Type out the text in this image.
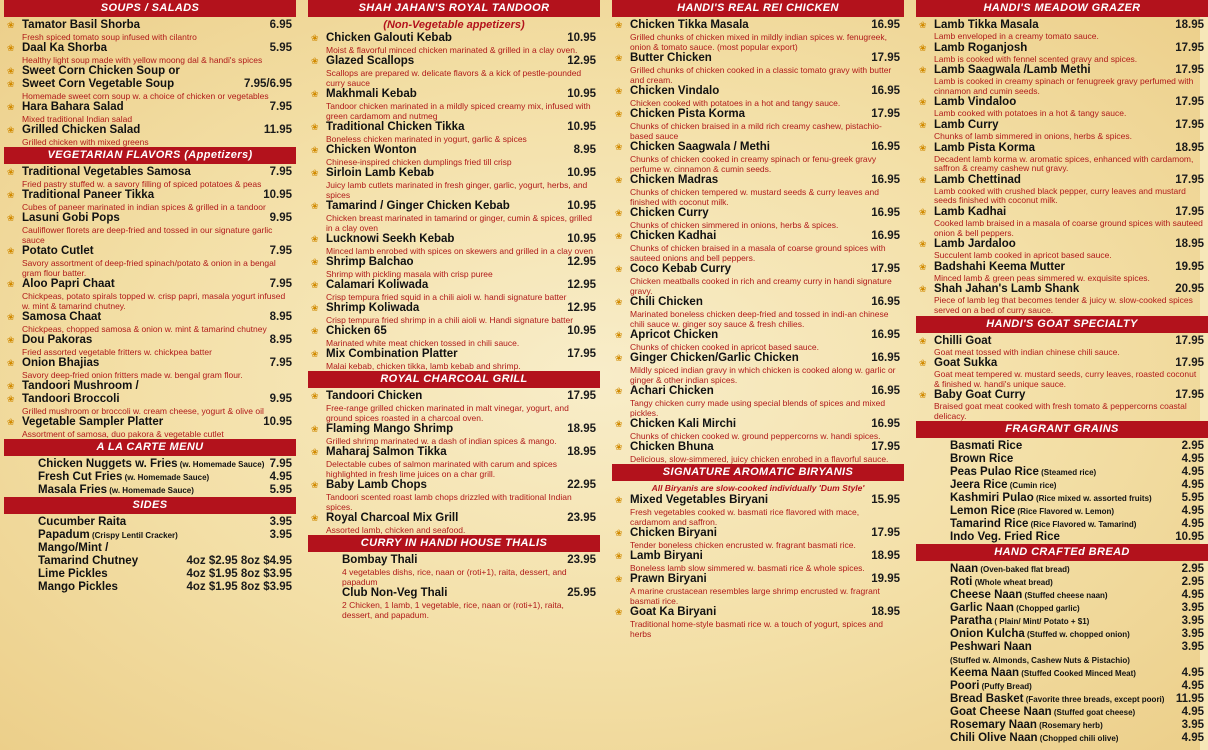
SOUPS / SALADS
❀ Tamator Basil Shorba	6.95
Fresh spiced tomato soup infused with cilantro
❀ Daal Ka Shorba	5.95
Healthy light soup made with yellow moong dal & handi's spices
❀ Sweet Corn Chicken Soup or
❀ Sweet Corn Vegetable Soup	7.95/6.95
Homemade sweet corn soup w. a choice of chicken or vegetables
❀ Hara Bahara Salad	7.95
Mixed traditional Indian salad
❀ Grilled Chicken Salad	11.95
Grilled chicken with mixed greens
VEGETARIAN FLAVORS (Appetizers)
❀ Traditional Vegetables Samosa	7.95
Fried pastry stuffed w. a savory filling of spiced potatoes & peas
❀ Traditional Paneer Tikka	10.95
Cubes of paneer marinated in indian spices & grilled in a tandoor
❀ Lasuni Gobi Pops	9.95
Cauliflower florets are deep-fried and tossed in our signature garlic sauce
❀ Potato Cutlet	7.95
Savory assortment of deep-fried spinach/potato & onion in a bengal gram flour batter.
❀ Aloo Papri Chaat	7.95
Chickpeas, potato spirals topped w. crisp papri, masala yogurt infused w. mint & tamarind chutney.
❀ Samosa Chaat	8.95
Chickpeas, chopped samosa & onion w. mint & tamarind chutney
❀ Dou Pakoras	8.95
Fried assorted vegetable fritters w. chickpea batter
❀ Onion Bhajias	7.95
Savory deep-fried onion fritters made w. bengal gram flour.
❀ Tandoori Mushroom /
❀ Tandoori Broccoli	9.95
Grilled mushroom or broccoli w. cream cheese, yogurt & olive oil
❀ Vegetable Sampler Platter	10.95
Assortment of samosa, duo pakora & vegetable cutlet
A LA CARTE MENU
Chicken Nuggets w. Fries (w. Homemade Sauce) 7.95
Fresh Cut Fries (w. Homemade Sauce)	4.95
Masala Fries (w. Homemade Sauce)	5.95
SIDES
Cucumber Raita	3.95
Papadum (Crispy Lentil Cracker)	3.95
Mango/Mint /
Tamarind Chutney	4oz $2.95 8oz $4.95
Lime Pickles	4oz $1.95 8oz $3.95
Mango Pickles	4oz $1.95 8oz $3.95
SHAH JAHAN'S ROYAL TANDOOR
(Non-Vegetable appetizers)
❀ Chicken Galouti Kebab	10.95
Moist & flavorful minced chicken marinated & grilled in a clay oven.
❀ Glazed Scallops	12.95
Scallops are prepared w. delicate flavors & a kick of pestle-pounded curry sauce
❀ Makhmali Kebab	10.95
Tandoor chicken marinated in a mildly spiced creamy mix, infused with green cardamom and nutmeg
❀ Traditional Chicken Tikka	10.95
Boneless chicken marinated in yogurt, garlic & spices
❀ Chicken Wonton	8.95
Chinese-inspired chicken dumplings fried till crisp
❀ Sirloin Lamb Kebab	10.95
Juicy lamb cutlets marinated in fresh ginger, garlic, yogurt, herbs, and spices
❀ Tamarind / Ginger Chicken Kebab	10.95
Chicken breast marinated in tamarind or ginger, cumin & spices, grilled in a clay oven
❀ Lucknowi Seekh Kebab	10.95
Minced lamb enrobed with spices on skewers and grilled in a clay oven
❀ Shrimp Balchao	12.95
Shrimp with pickling masala with crisp puree
❀ Calamari Koliwada	12.95
Crisp tempura fried squid in a chili aioli w. handi signature batter
❀ Shrimp Koliwada	12.95
Crisp tempura fried shrimp in a chili aioli w. Handi signature batter
❀ Chicken 65	10.95
Marinated white meat chicken tossed in chili sauce.
❀ Mix Combination Platter	17.95
Malai kebab, chicken tikka, lamb kebab and shrimp.
ROYAL CHARCOAL GRILL
❀ Tandoori Chicken	17.95
Free-range grilled chicken marinated in malt vinegar, yogurt, and ground spices roasted in a charcoal oven.
❀ Flaming Mango Shrimp	18.95
Grilled shrimp marinated w. a dash of indian spices & mango.
❀ Maharaj Salmon Tikka	18.95
Delectable cubes of salmon marinated with carum and spices highlighted in fresh lime juices on a char grill.
❀ Baby Lamb Chops	22.95
Tandoori scented roast lamb chops drizzled with traditional Indian spices.
❀ Royal Charcoal Mix Grill	23.95
Assorted lamb, chicken and seafood.
CURRY IN HANDI HOUSE THALIS
Bombay Thali	23.95
4 vegetables dishs, rice, naan or (roti+1), raita, dessert, and papadum
Club Non-Veg Thali	25.95
2 Chicken, 1 lamb, 1 vegetable, rice, naan or (roti+1), raita, dessert, and papadum.
HANDI'S REAL REI CHICKEN
❀ Chicken Tikka Masala	16.95
Grilled chunks of chicken mixed in mildly indian spices w. fenugreek, onion & tomato sauce. (most popular export)
❀ Butter Chicken	17.95
Grilled chunks of chicken cooked in a classic tomato gravy with butter and cream.
❀ Chicken Vindalo	16.95
Chicken cooked with potatoes in a hot and tangy sauce.
❀ Chicken Pista Korma	17.95
Chunks of chicken braised in a mild rich creamy cashew, pistachio-based sauce
❀ Chicken Saagwala / Methi	16.95
Chunks of chicken cooked in creamy spinach or fenu-greek gravy perfume w. cinnamon & cumin seeds.
❀ Chicken Madras	16.95
Chunks of chicken tempered w. mustard seeds & curry leaves and finished with coconut milk.
❀ Chicken Curry	16.95
Chunks of chicken simmered in onions, herbs & spices.
❀ Chicken Kadhai	16.95
Chunks of chicken braised in a masala of coarse ground spices with sauteed onions and bell peppers.
❀ Coco Kebab Curry	17.95
Chicken meatballs cooked in rich and creamy curry in handi signature gravy.
❀ Chili Chicken	16.95
Marinated boneless chicken deep-fried and tossed in indi-an chinese chili sauce w. ginger soy sauce & fresh chilies.
❀ Apricot Chicken	16.95
Chunks of chicken cooked in apricot based sauce.
❀ Ginger Chicken/Garlic Chicken	16.95
Mildly spiced indian gravy in which chicken is cooked along w. garlic or ginger & other indian spices.
❀ Achari Chicken	16.95
Tangy chicken curry made using special blends of spices and mixed pickles.
❀ Chicken Kali Mirchi	16.95
Chunks of chicken cooked w. ground peppercorns w. handi spices.
❀ Chicken Bhuna	17.95
Delicious, slow-simmered, juicy chicken enrobed in a flavorful sauce.
SIGNATURE AROMATIC BIRYANIS
All Biryanis are slow-cooked individually 'Dum Style'
❀ Mixed Vegetables Biryani	15.95
Fresh vegetables cooked w. basmati rice flavored with mace, cardamom and saffron.
❀ Chicken Biryani	17.95
Tender boneless chicken encrusted w. fragrant basmati rice.
❀ Lamb Biryani	18.95
Boneless lamb slow simmered w. basmati rice & whole spices.
❀ Prawn Biryani	19.95
A marine crustacean resembles large shrimp encrusted w. fragrant basmati rice.
❀ Goat Ka Biryani	18.95
Traditional home-style basmati rice w. a touch of yogurt, spices and herbs
HANDI'S MEADOW GRAZER
❀ Lamb Tikka Masala	18.95
Lamb enveloped in a creamy tomato sauce.
❀ Lamb Roganjosh	17.95
Lamb is cooked with fennel scented gravy and spices.
❀ Lamb Saagwala /Lamb Methi	17.95
Lamb is cooked in creamy spinach or fenugreek gravy perfumed with cinnamon and cumin seeds.
❀ Lamb Vindaloo	17.95
Lamb cooked with potatoes in a hot & tangy sauce.
❀ Lamb Curry	17.95
Chunks of lamb simmered in onions, herbs & spices.
❀ Lamb Pista Korma	18.95
Decadent lamb korma w. aromatic spices, enhanced with cardamom, saffron & creamy cashew nut gravy.
❀ Lamb Chettinad	17.95
Lamb cooked with crushed black pepper, curry leaves and mustard seeds finished with coconut milk.
❀ Lamb Kadhai	17.95
Cooked lamb braised in a masala of coarse ground spices with sauteed onion & bell peppers.
❀ Lamb Jardaloo	18.95
Succulent lamb cooked in apricot based sauce.
❀ Badshahi Keema Mutter	19.95
Minced lamb & green peas simmered w. exquisite spices.
❀ Shah Jahan's Lamb Shank	20.95
Piece of lamb leg that becomes tender & juicy w. slow-cooked spices served on a bed of curry sauce.
HANDI'S GOAT SPECIALTY
❀ Chilli Goat	17.95
Goat meat tossed with indian chinese chili sauce.
❀ Goat Sukka	17.95
Goat meat tempered w. mustard seeds, curry leaves, roasted coconut & finished w. handi's unique sauce.
❀ Baby Goat Curry	17.95
Braised goat meat cooked with fresh tomato & peppercorns coastal delicacy.
FRAGRANT GRAINS
Basmati Rice	2.95
Brown Rice	4.95
Peas Pulao Rice (Steamed rice)	4.95
Jeera Rice (Cumin rice)	4.95
Kashmiri Pulao (Rice mixed w. assorted fruits)	5.95
Lemon Rice (Rice Flavored w. Lemon)	4.95
Tamarind Rice (Rice Flavored w. Tamarind)	4.95
Indo Veg. Fried Rice	10.95
HAND CRAFTEd BREAD
Naan (Oven-baked flat bread)	2.95
Roti (Whole wheat bread)	2.95
Cheese Naan (Stuffed cheese naan)	4.95
Garlic Naan (Chopped garlic)	3.95
Paratha ( Plain/ Mint/ Potato + $1)	3.95
Onion Kulcha (Stuffed w. chopped onion)	3.95
Peshwari Naan	3.95
(Stuffed w. Almonds, Cashew Nuts & Pistachio)
Keema Naan (Stuffed Cooked Minced Meat)	4.95
Poori (Puffy Bread)	4.95
Bread Basket (Favorite three breads, except poori) 11.95
Goat Cheese Naan (Stuffed goat cheese)	4.95
Rosemary Naan (Rosemary herb)	3.95
Chili Olive Naan (Chopped chili olive)	4.95
